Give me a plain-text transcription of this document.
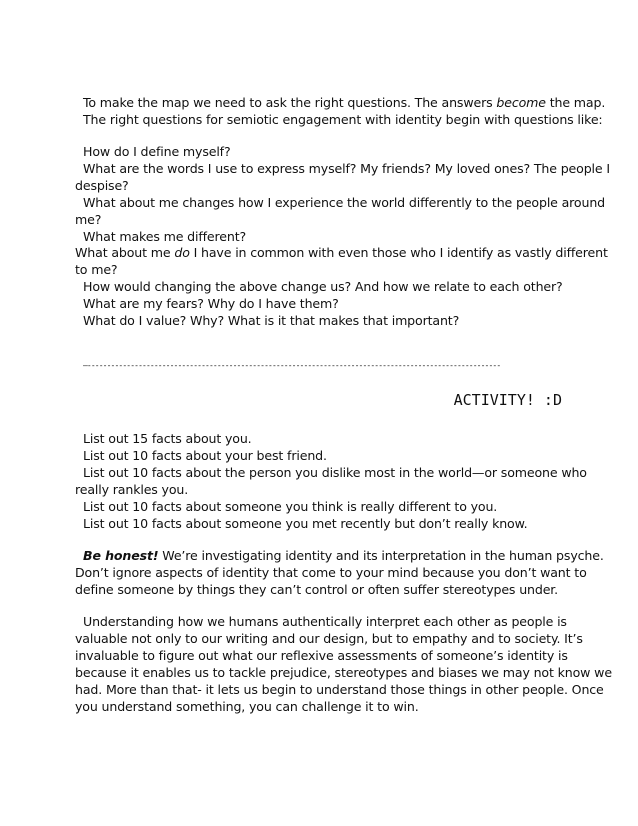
To make the map we need to ask the right questions. The answers become the map.
The right questions for semiotic engagement with identity begin with questions like:
How do I define myself?
What are the words I use to express myself? My friends? My loved ones? The people I
despise?
What about me changes how I experience the world differently to the people around
me?
What makes me different?
What about me do I have in common with even those who I identify as vastly different
to me?
How would changing the above change us? And how we relate to each other?
What are my fears? Why do I have them?
What do I value? Why? What is it that makes that important?
—---------------------------------------------------------------------------------------------------------
ACTIVITY! :D
List out 15 facts about you.
List out 10 facts about your best friend.
List out 10 facts about the person you dislike most in the world—or someone who
really rankles you.
List out 10 facts about someone you think is really different to you.
List out 10 facts about someone you met recently but don’t really know.
Be honest! We’re investigating identity and its interpretation in the human psyche.
Don’t ignore aspects of identity that come to your mind because you don’t want to
define someone by things they can’t control or often suffer stereotypes under.
Understanding how we humans authentically interpret each other as people is
valuable not only to our writing and our design, but to empathy and to society. It’s
invaluable to figure out what our reflexive assessments of someone’s identity is
because it enables us to tackle prejudice, stereotypes and biases we may not know we
had. More than that- it lets us begin to understand those things in other people. Once
you understand something, you can challenge it to win.
